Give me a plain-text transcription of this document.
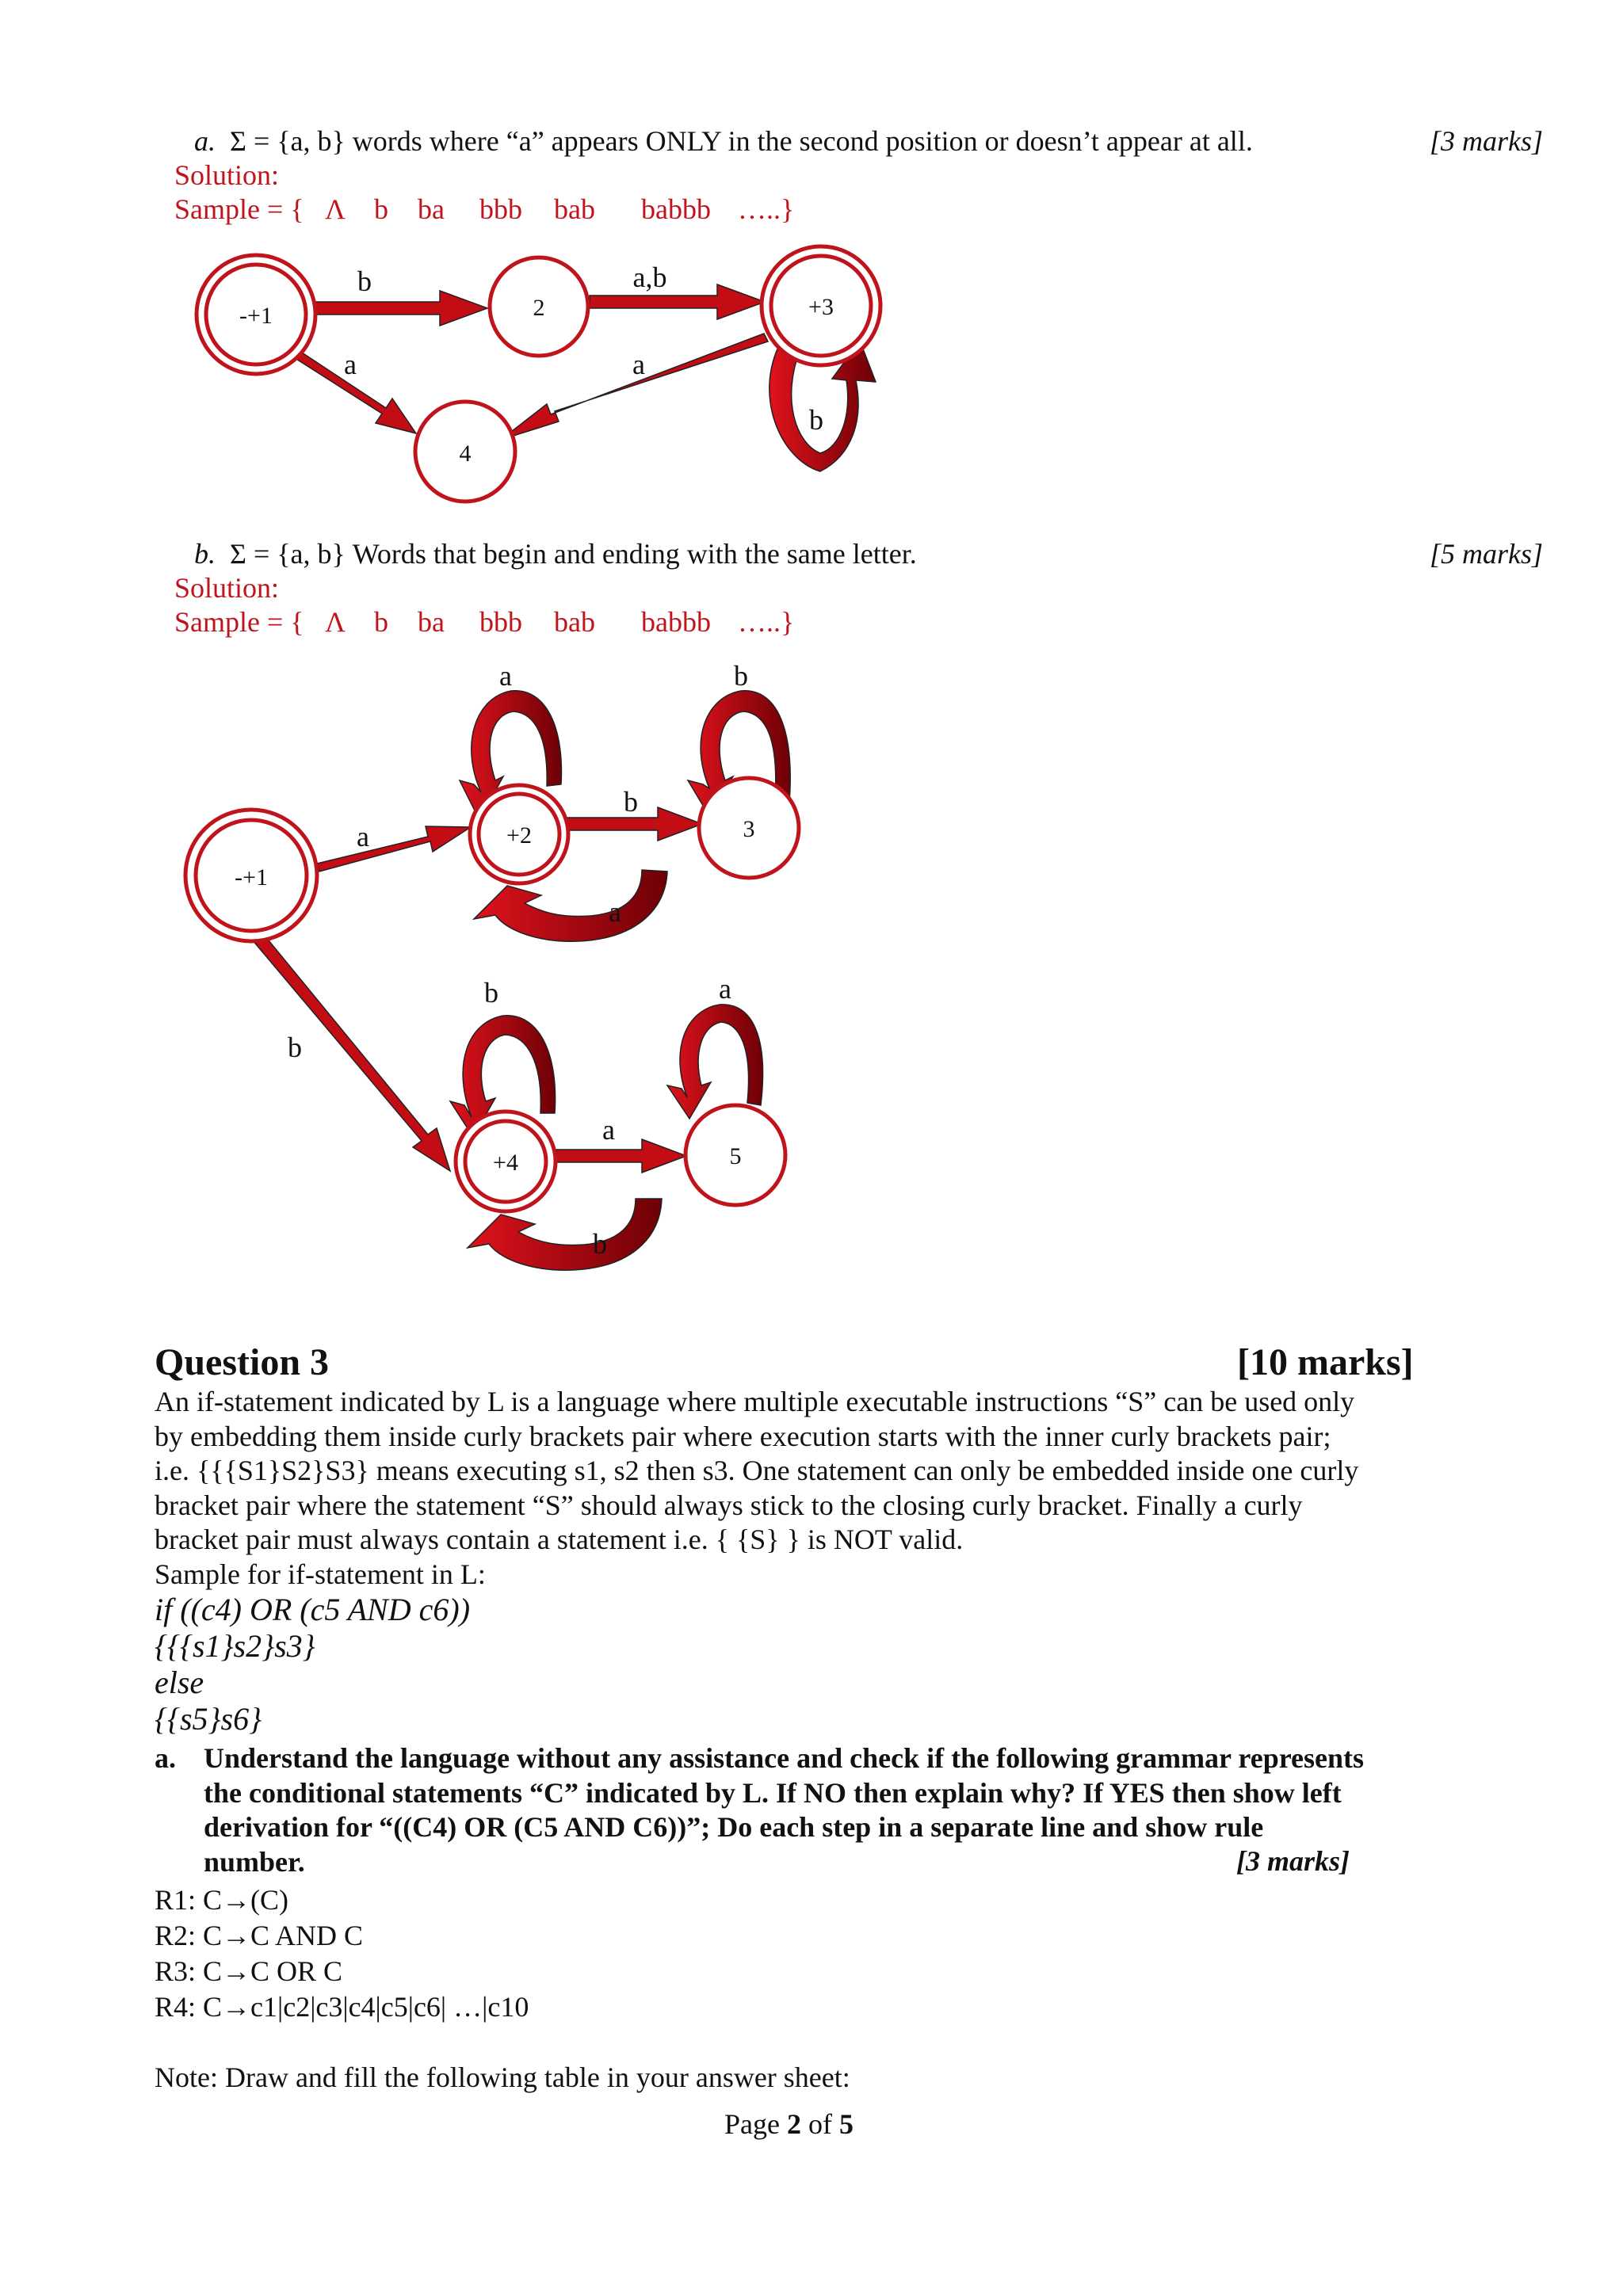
a. Σ = {a, b} words where “a” appears ONLY in the second position or doesn’t appear at all.	[3 marks]
Solution:
Sample = { Λ b ba bbb bab babbb …..}
-+1	2	+3
4
b	a,b
a	a
b
b. Σ = {a, b} Words that begin and ending with the same letter.	[5 marks]
Solution:
Sample = { Λ b ba bbb bab babbb …..}
-+1
+2	3
+4	5
a	b
a
b
a
b
b	a
a
b
Question 3	[10 marks]
An if-statement indicated by L is a language where multiple executable instructions “S” can be used only
by embedding them inside curly brackets pair where execution starts with the inner curly brackets pair;
i.e. {{{S1}S2}S3} means executing s1, s2 then s3. One statement can only be embedded inside one curly
bracket pair where the statement “S” should always stick to the closing curly bracket. Finally a curly
bracket pair must always contain a statement i.e. { {S} } is NOT valid.
Sample for if-statement in L:
if ((c4) OR (c5 AND c6))
{{{s1}s2}s3}
else
{{s5}s6}
a. Understand the language without any assistance and check if the following grammar represents
the conditional statements “C” indicated by L. If NO then explain why? If YES then show left
derivation for “((C4) OR (C5 AND C6))”; Do each step in a separate line and show rule
number.	[3 marks]
R1: C→(C)
R2: C→C AND C
R3: C→C OR C
R4: C→c1|c2|c3|c4|c5|c6| …|c10
Note: Draw and fill the following table in your answer sheet:
Page 2 of 5
